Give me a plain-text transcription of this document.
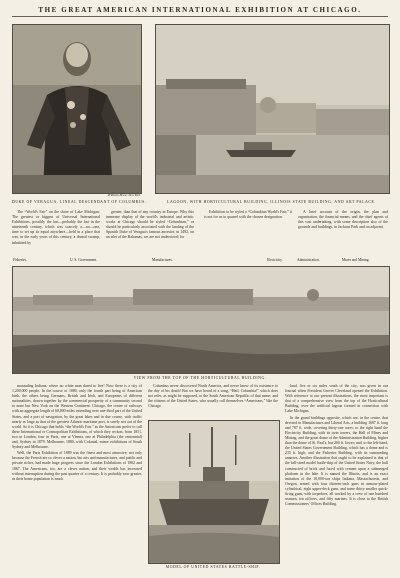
THE GREAT AMERICAN INTERNATIONAL EXHIBITION AT CHICAGO.
Prideaux-Brune, New York
DUKE OF VERAGUA, LINEAL DESCENDANT OF COLUMBUS.	LAGOON, WITH HORTICULTURAL BUILDING, ILLINOIS STATE BUILDING, AND ART PALACE.

The “World's Fair” on the shore of Lake Michigan: The greatest or biggest of Universal International Exhibitions, possibly the last—probably the last in the nineteenth century, which was scarcely a—no—one, time to set up its equal anywhere—held in a place that was, in the early years of this century, a dismal swamp, inhabited by

greater, than that of any country in Europe. Why this immense display of the world's industrial and artistic works at Chicago should be styled “Columbian,” or should be particularly associated with the landing of the Spanish Duke of Veragua's famous ancestor, in 1492, on an islet of the Bahamas, we are not understood; for

Exhibition to be styled a “Columbian World's Fair,” it is not for us to quarrel with the chosen designation.

A brief account of the origin, the plan and organisation, the financial means, and the chief agents of this vast undertaking, with some description also of the grounds and buildings, in Jackson Park and on adjacent

Fisheries.	U. S. Government.	Manufactures.	Electricity.	Administration.	Mines and Mining.
VIEW FROM THE TOP OF THE HORTICULTURAL BUILDING.

marauding Indians, where no white man dared to live! Now there is a city of 1,200,000 people. In the course of 1880, only the fourth part being of American birth, the others being Germans, British and Irish, and Europeans of different nationalities, drawn together by the commercial prosperity of a community second to none but New York on the Western Continent. Chicago, the centre of railways with an aggregate length of 60,000 miles extending over one-third part of the United States, and a port of navigation, by the great lakes and in due course, with traffic nearly as large as that of the greatest Atlantic maritime port, is surely not out of the world. So it is Chicago that holds “the World's Fair,” as the Americans prefer to call these International or Cosmopolitan Exhibitions, of which they reckon, from 1851, two in London, four in Paris, one at Vienna, one at Philadelphia (the centennial) and, Sydney in 1879, Melbourne, 1880, with Colonial, minor exhibitions of South Sydney and Melbourne.

Well, the Paris Exhibition of 1889 was the finest and most attractive; not only because the French are so clever a nation, but arts and manufactures, and public and private riches, had made huge progress since the London Exhibitions of 1862 and 1867. The Americans, too, are a clever nation, and their wealth has increased without interruption during the past quarter of a century. It is probably now greater, as their home population is much

Columbus never discovered North America, and never knew of its existence to the day of his death! But we have heard of a song, “Hail, Columbia!” which does not refer, as might be supposed, to the South American Republic of that name; and the citizens of the United States, who usually call themselves “Americans,” like the Chicago

land, five or six miles south of the city, was given in our Journal when President Grover Cleveland opened the Exhibition. With reference to our present illustrations, the most important is that of a comprehensive view from the top of the Horticultural Building, over the artificial lagoon formed in connection with Lake Michigan.

In the grand buildings opposite, which are, in the centre, that devoted to Manufactures and Liberal Arts, a building 1687 ft. long and 787 ft. wide, covering thirty-one acres; to the right hand the Electricity Building, with its twin towers, the Hall of Mines and Mining, and the great dome of the Administration Building, higher than the dome of St. Paul's, but 260 ft. lower; and, to the left-hand, the United States Government Building, which has a dome and is 235 ft. high; and the Fisheries Building, with its surrounding annexes. Another illustration that ought to be explained is that of the full-sized model battle-ship of the United States Navy, the hull constructed of brick and faced with cement upon a submerged platform in the lake. It is named the Illinois, and is an exact imitation of the 10,000-ton ships Indiana, Massachusetts, and Oregon, armed with four thirteen-inch guns in armour-plated cylindrical, eight upper-deck guns, and some thirty smaller quick-firing guns, with torpedoes, all worked by a crew of one hundred seamen, ten officers, and fifty marines. It is close to the British Commissioners' Offices Building.

MODEL OF UNITED STATES BATTLE-SHIP.
